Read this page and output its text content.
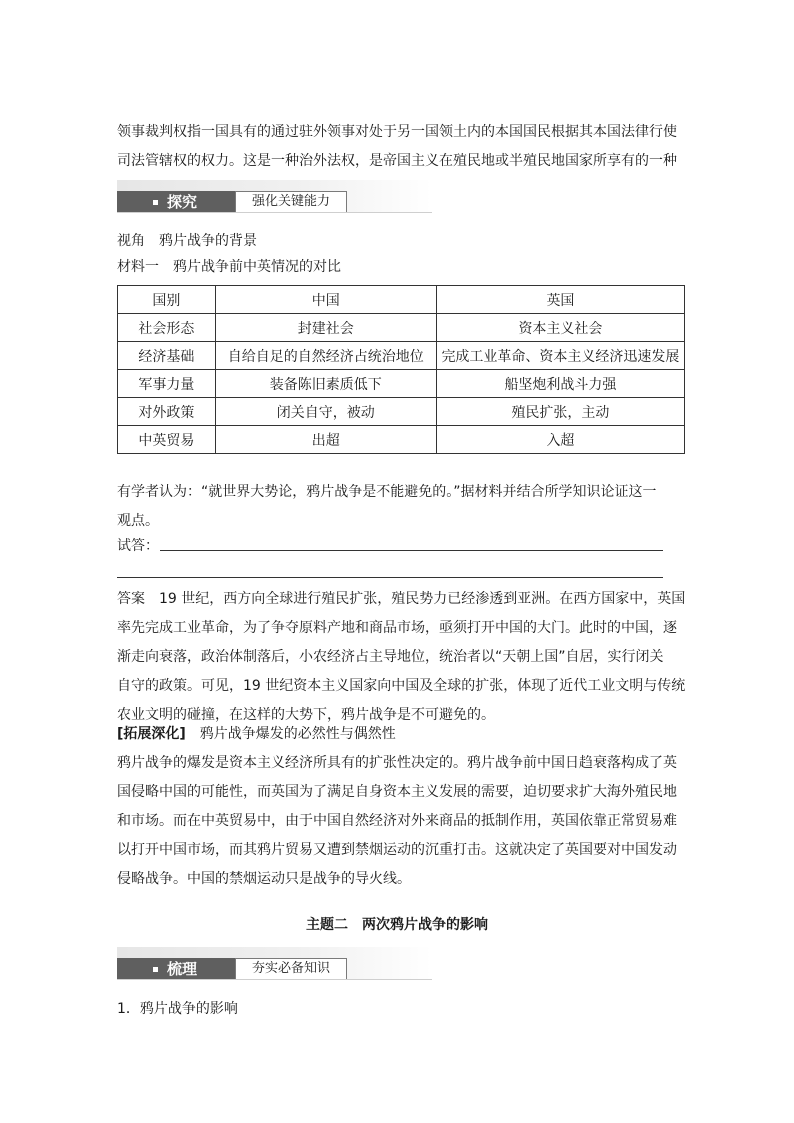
领事裁判权指一国具有的通过驻外领事对处于另一国领土内的本国国民根据其本国法律行使

司法管辖权的权力。这是一种治外法权，是帝国主义在殖民地或半殖民地国家所享有的一种

探究	强化关键能力
视角　鸦片战争的背景
材料一　鸦片战争前中英情况的对比
国别	中国	英国
社会形态	封建社会	资本主义社会
经济基础	自给自足的自然经济占统治地位	完成工业革命、资本主义经济迅速发展
军事力量	装备陈旧素质低下	船坚炮利战斗力强
对外政策	闭关自守，被动	殖民扩张，主动
中英贸易	出超	入超

有学者认为：“就世界大势论，鸦片战争是不能避免的。”据材料并结合所学知识论证这一

观点。

试答：

答案　19 世纪，西方向全球进行殖民扩张，殖民势力已经渗透到亚洲。在西方国家中，英国

率先完成工业革命，为了争夺原料产地和商品市场，亟须打开中国的大门。此时的中国，逐

渐走向衰落，政治体制落后，小农经济占主导地位，统治者以“天朝上国”自居，实行闭关

自守的政策。可见，19 世纪资本主义国家向中国及全球的扩张，体现了近代工业文明与传统

农业文明的碰撞，在这样的大势下，鸦片战争是不可避免的。

[拓展深化]　鸦片战争爆发的必然性与偶然性

鸦片战争的爆发是资本主义经济所具有的扩张性决定的。鸦片战争前中国日趋衰落构成了英

国侵略中国的可能性，而英国为了满足自身资本主义发展的需要，迫切要求扩大海外殖民地

和市场。而在中英贸易中，由于中国自然经济对外来商品的抵制作用，英国依靠正常贸易难

以打开中国市场，而其鸦片贸易又遭到禁烟运动的沉重打击。这就决定了英国要对中国发动

侵略战争。中国的禁烟运动只是战争的导火线。

主题二　两次鸦片战争的影响
梳理	夯实必备知识
1．鸦片战争的影响
